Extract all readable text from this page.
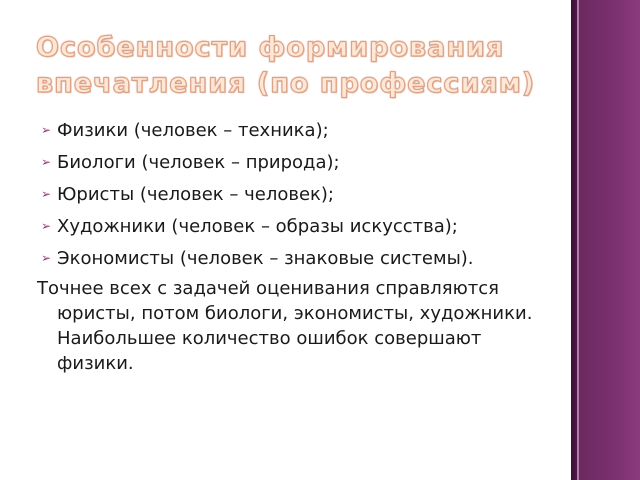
Особенности формирования
впечатления (по профессиям)
➢ Физики (человек – техника);
➢ Биологи (человек – природа);
➢ Юристы (человек – человек);
➢ Художники (человек – образы искусства);
➢ Экономисты (человек – знаковые системы).

Точнее всех с задачей оценивания справляются юристы, потом биологи, экономисты, художники. Наибольшее количество ошибок совершают физики.
